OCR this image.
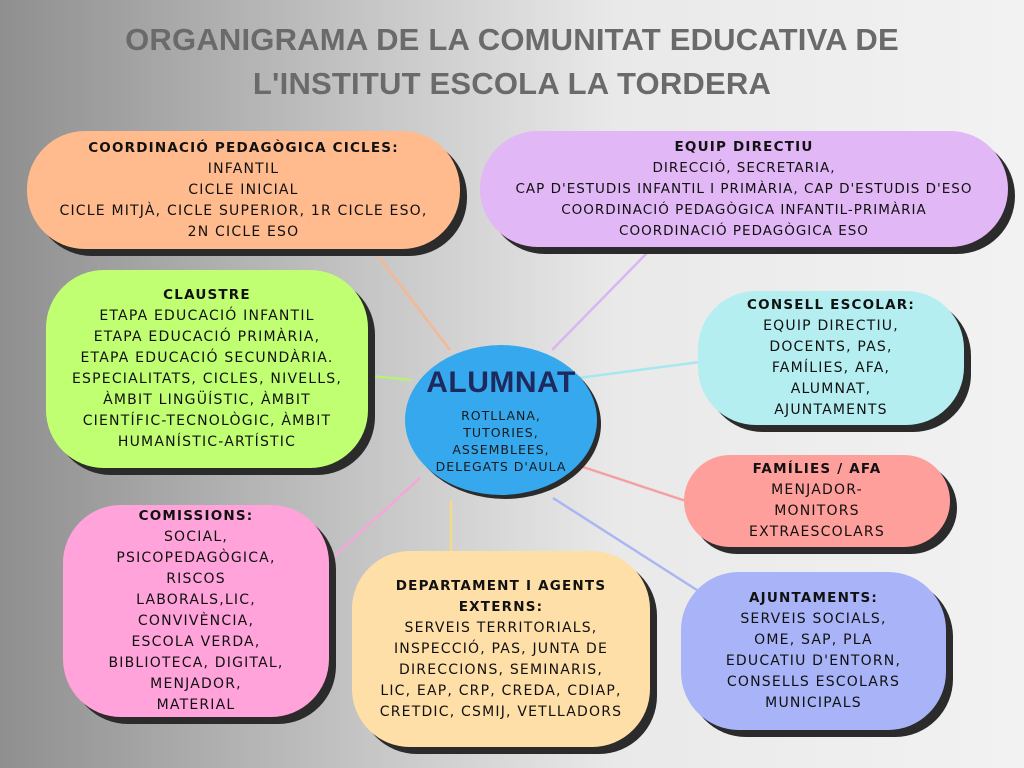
ORGANIGRAMA DE LA COMUNITAT EDUCATIVA DE
L'INSTITUT ESCOLA LA TORDERA
COORDINACIÓ PEDAGÒGICA CICLES:
INFANTIL
CICLE INICIAL
CICLE MITJÀ, CICLE SUPERIOR, 1R CICLE ESO,
2N CICLE ESO
EQUIP DIRECTIU
DIRECCIÓ, SECRETARIA,
CAP D'ESTUDIS INFANTIL I PRIMÀRIA, CAP D'ESTUDIS D'ESO
COORDINACIÓ PEDAGÒGICA INFANTIL-PRIMÀRIA
COORDINACIÓ PEDAGÒGICA ESO
CLAUSTRE
ETAPA EDUCACIÓ INFANTIL
ETAPA EDUCACIÓ PRIMÀRIA,
ETAPA EDUCACIÓ SECUNDÀRIA.
ESPECIALITATS, CICLES, NIVELLS,
ÀMBIT LINGÜÍSTIC, ÀMBIT
CIENTÍFIC-TECNOLÒGIC, ÀMBIT
HUMANÍSTIC-ARTÍSTIC
CONSELL ESCOLAR:
EQUIP DIRECTIU,
DOCENTS, PAS,
FAMÍLIES, AFA,
ALUMNAT,
AJUNTAMENTS
FAMÍLIES / AFA
MENJADOR-
MONITORS
EXTRAESCOLARS
COMISSIONS:
SOCIAL,
PSICOPEDAGÒGICA,
RISCOS
LABORALS,LIC,
CONVIVÈNCIA,
ESCOLA VERDA,
BIBLIOTECA, DIGITAL,
MENJADOR,
MATERIAL
DEPARTAMENT I AGENTS
EXTERNS:
SERVEIS TERRITORIALS,
INSPECCIÓ, PAS, JUNTA DE
DIRECCIONS, SEMINARIS,
LIC, EAP, CRP, CREDA, CDIAP,
CRETDIC, CSMIJ, VETLLADORS
AJUNTAMENTS:
SERVEIS SOCIALS,
OME, SAP, PLA
EDUCATIU D'ENTORN,
CONSELLS ESCOLARS
MUNICIPALS
ALUMNAT
ROTLLANA,
TUTORIES,
ASSEMBLEES,
DELEGATS D'AULA
